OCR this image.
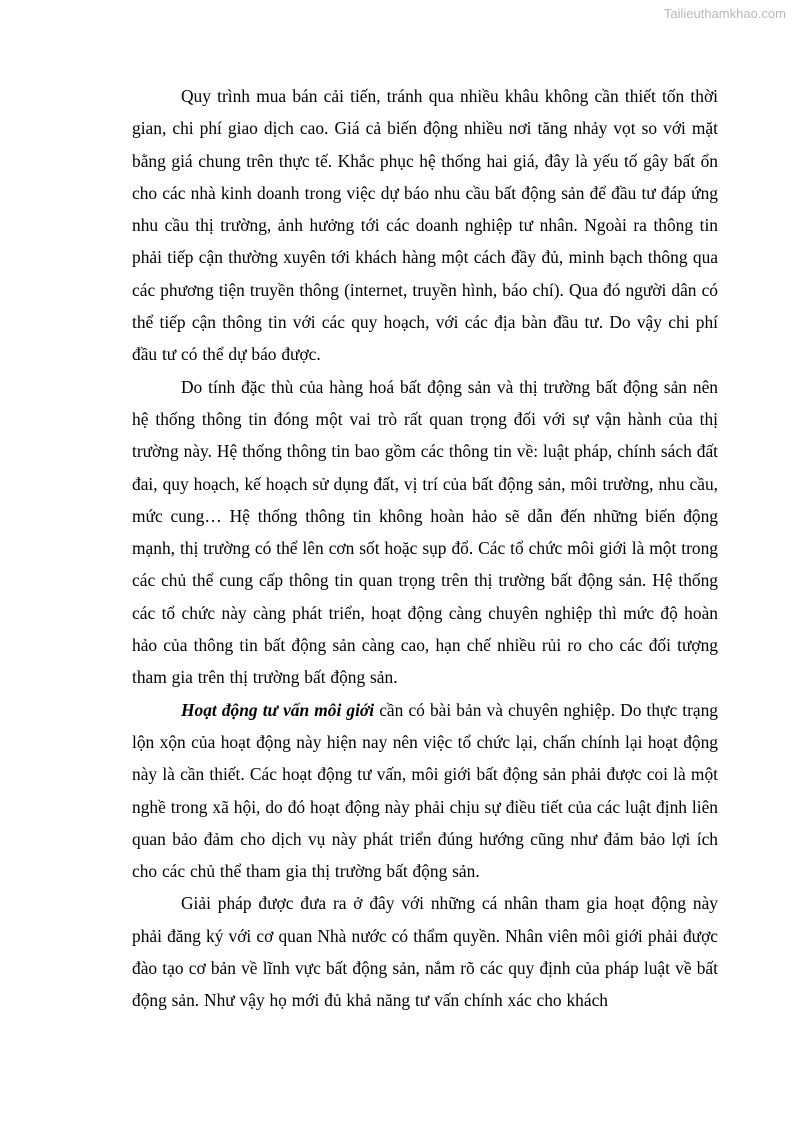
Tailieuthamkhao.com

Quy trình mua bán cải tiến, tránh qua nhiều khâu không cần thiết tốn thời gian, chi phí giao dịch cao. Giá cả biến động nhiều nơi tăng nhảy vọt so với mặt bằng giá chung trên thực tế. Khắc phục hệ thống hai giá, đây là yếu tố gây bất ổn cho các nhà kinh doanh trong việc dự báo nhu cầu bất động sản để đầu tư đáp ứng nhu cầu thị trường, ảnh hưởng tới các doanh nghiệp tư nhân. Ngoài ra thông tin phải tiếp cận thường xuyên tới khách hàng một cách đầy đủ, minh bạch thông qua các phương tiện truyền thông (internet, truyền hình, báo chí). Qua đó người dân có thể tiếp cận thông tin với các quy hoạch, với các địa bàn đầu tư. Do vậy chi phí đầu tư có thể dự báo được.

Do tính đặc thù của hàng hoá bất động sản và thị trường bất động sản nên hệ thống thông tin đóng một vai trò rất quan trọng đối với sự vận hành của thị trường này. Hệ thống thông tin bao gồm các thông tin về: luật pháp, chính sách đất đai, quy hoạch, kế hoạch sử dụng đất, vị trí của bất động sản, môi trường, nhu cầu, mức cung… Hệ thống thông tin không hoàn hảo sẽ dẫn đến những biến động mạnh, thị trường có thể lên cơn sốt hoặc sụp đổ. Các tổ chức môi giới là một trong các chủ thể cung cấp thông tin quan trọng trên thị trường bất động sản. Hệ thống các tổ chức này càng phát triển, hoạt động càng chuyên nghiệp thì mức độ hoàn hảo của thông tin bất động sản càng cao, hạn chế nhiều rủi ro cho các đối tượng tham gia trên thị trường bất động sản.

Hoạt động tư vấn môi giới cần có bài bản và chuyên nghiệp. Do thực trạng lộn xộn của hoạt động này hiện nay nên việc tổ chức lại, chấn chính lại hoạt động này là cần thiết. Các hoạt động tư vấn, môi giới bất động sản phải được coi là một nghề trong xã hội, do đó hoạt động này phải chịu sự điều tiết của các luật định liên quan bảo đảm cho dịch vụ này phát triển đúng hướng cũng như đảm bảo lợi ích cho các chủ thể tham gia thị trường bất động sản.

Giải pháp được đưa ra ở đây với những cá nhân tham gia hoạt động này phải đăng ký với cơ quan Nhà nước có thẩm quyền. Nhân viên môi giới phải được đào tạo cơ bản về lĩnh vực bất động sản, nắm rõ các quy định của pháp luật về bất động sản. Như vậy họ mới đủ khả năng tư vấn chính xác cho khách
